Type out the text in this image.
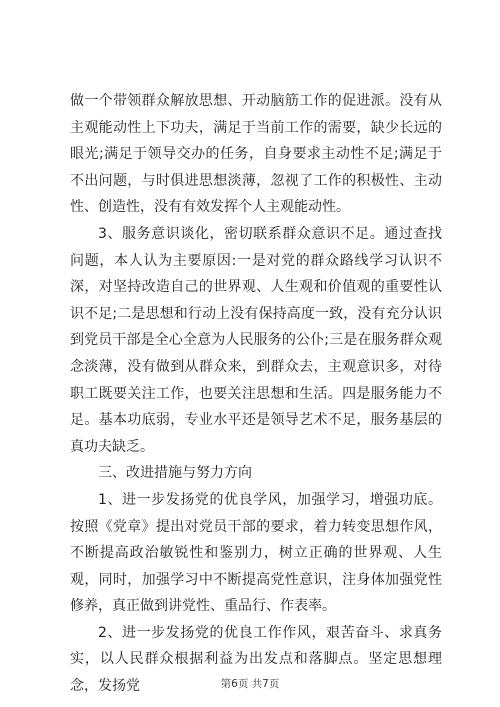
做一个带领群众解放思想、开动脑筋工作的促进派。没有从主观能动性上下功夫，满足于当前工作的需要，缺少长远的眼光;满足于领导交办的任务，自身要求主动性不足;满足于不出问题，与时俱进思想淡薄，忽视了工作的积极性、主动性、创造性，没有有效发挥个人主观能动性。

3、服务意识谈化，密切联系群众意识不足。通过查找问题，本人认为主要原因:一是对党的群众路线学习认识不深，对坚持改造自己的世界观、人生观和价值观的重要性认识不足;二是思想和行动上没有保持高度一致，没有充分认识到党员干部是全心全意为人民服务的公仆;三是在服务群众观念淡薄，没有做到从群众来，到群众去，主观意识多，对待职工既要关注工作，也要关注思想和生活。四是服务能力不足。基本功底弱，专业水平还是领导艺术不足，服务基层的真功夫缺乏。

三、改进措施与努力方向

1、进一步发扬党的优良学风，加强学习，增强功底。按照《党章》提出对党员干部的要求，着力转变思想作风，不断提高政治敏锐性和鉴别力，树立正确的世界观、人生观，同时，加强学习中不断提高党性意识，注身体加强党性修养，真正做到讲党性、重品行、作表率。

2、进一步发扬党的优良工作作风，艰苦奋斗、求真务实，以人民群众根据利益为出发点和落脚点。坚定思想理念，发扬党	第6页 共7页
